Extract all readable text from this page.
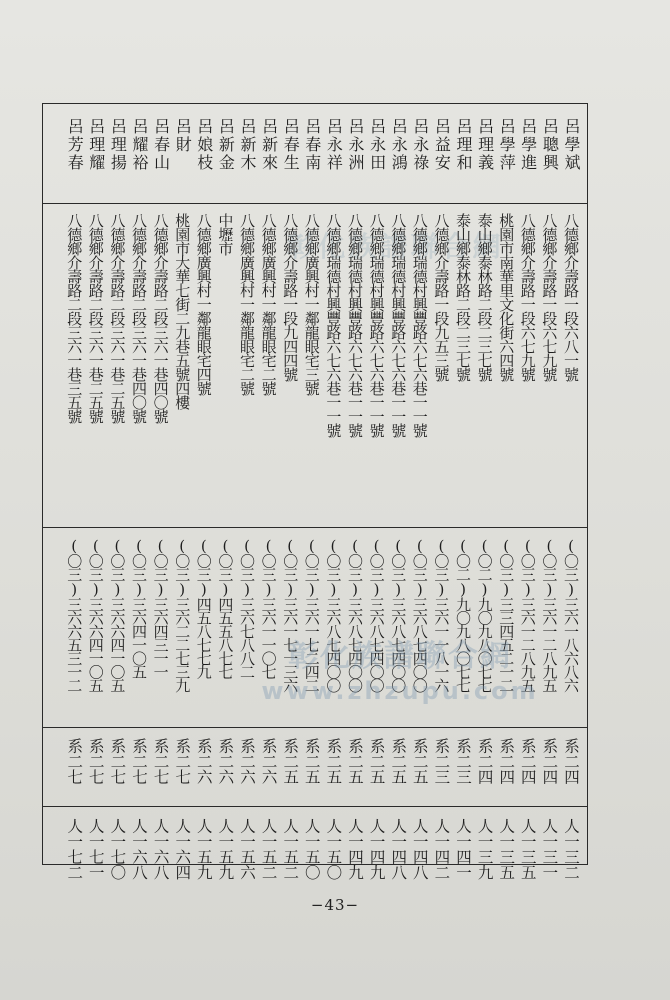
彰化族譜聯合網
呂學斌
八德鄉介壽路一段六八一號
(〇三)三六一八六八六
系二四
人一三二
呂聰興
八德鄉介壽路一段六七九號
(〇三)三六一二八九五
系二四
人一三一
呂學進
八德鄉介壽路一段六七九號
(〇三)三六一二八九五
系二四
人一三五
呂學萍
桃園市南華里文化街六四號
(〇三)三三四五二一二
系二四
人一三五
呂理義
泰山鄉泰林路二段二三七號
(〇二)九〇九八〇七七
系二四
人一三九
呂理和
泰山鄉泰林路二段二三七號
(〇二)九〇九八〇七七
系二三
人一四一
呂益安
八德鄉介壽路一段九五三號
(〇三)三六一一八一六
系二三
人一四二
呂永祿
八德鄉瑞德村興豐路六七六巷一一號
(〇三)三六八七四〇〇
系二五
人一四八
呂永鴻
八德鄉瑞德村興豐路六七六巷一一號
(〇三)三六八七四〇〇
系二五
人一四八
呂永田
八德鄉瑞德村興豐路六七六巷一一號
(〇三)三六八七四〇〇
系二五
人一四九
呂永洲
八德鄉瑞德村興豐路六七六巷一一號
(〇三)三六八七四〇〇
系二五
人一四九
呂永祥
八德鄉瑞德村興豐路六七六巷一一號
(〇三)三六八七四〇〇
系二五
人一五〇
呂春南
八德鄉廣興村一鄰龍眼宅三號
(〇三)三六一七二四二
系二五
人一五〇
呂春生
八德鄉介壽路一段九四四號
(〇三)三六一七一三六
系二五
人一五二
呂新來
八德鄉廣興村一鄰龍眼宅二號
(〇三)三六一一〇七
系二六
人一五二
呂新木
八德鄉廣興村一鄰龍眼宅二號
(〇三)三六七八八二
系二六
人一五六
呂新金
中壢市
(〇三)四五五八七七
系二六
人一五九
呂娘枝
八德鄉廣興村一鄰龍眼宅四號
(〇三)四五八七七九
系二六
人一五九
呂財
桃園市大華七街二九巷五號四樓
(〇三)三六二二七三九
系二七
人一六四
呂春山
八德鄉介壽路二段三六一巷四〇號
(〇三)三六四三一一
系二七
人一六八
呂耀裕
八德鄉介壽路二段三六一巷四〇號
(〇三)三六四一〇五
系二七
人一六八
呂理揚
八德鄉介壽路二段三六一巷二五號
(〇三)三六六四一〇五
系二七
人一七〇
呂理耀
八德鄉介壽路二段三六一巷二五號
(〇三)三六六四一〇五
系二七
人一七一
呂芳春
八德鄉介壽路二段三六一巷三五號
(〇三)三六六五三一二
系二七
人一七二
彰化族譜聯合網
www.zhzupu.com
−43−
